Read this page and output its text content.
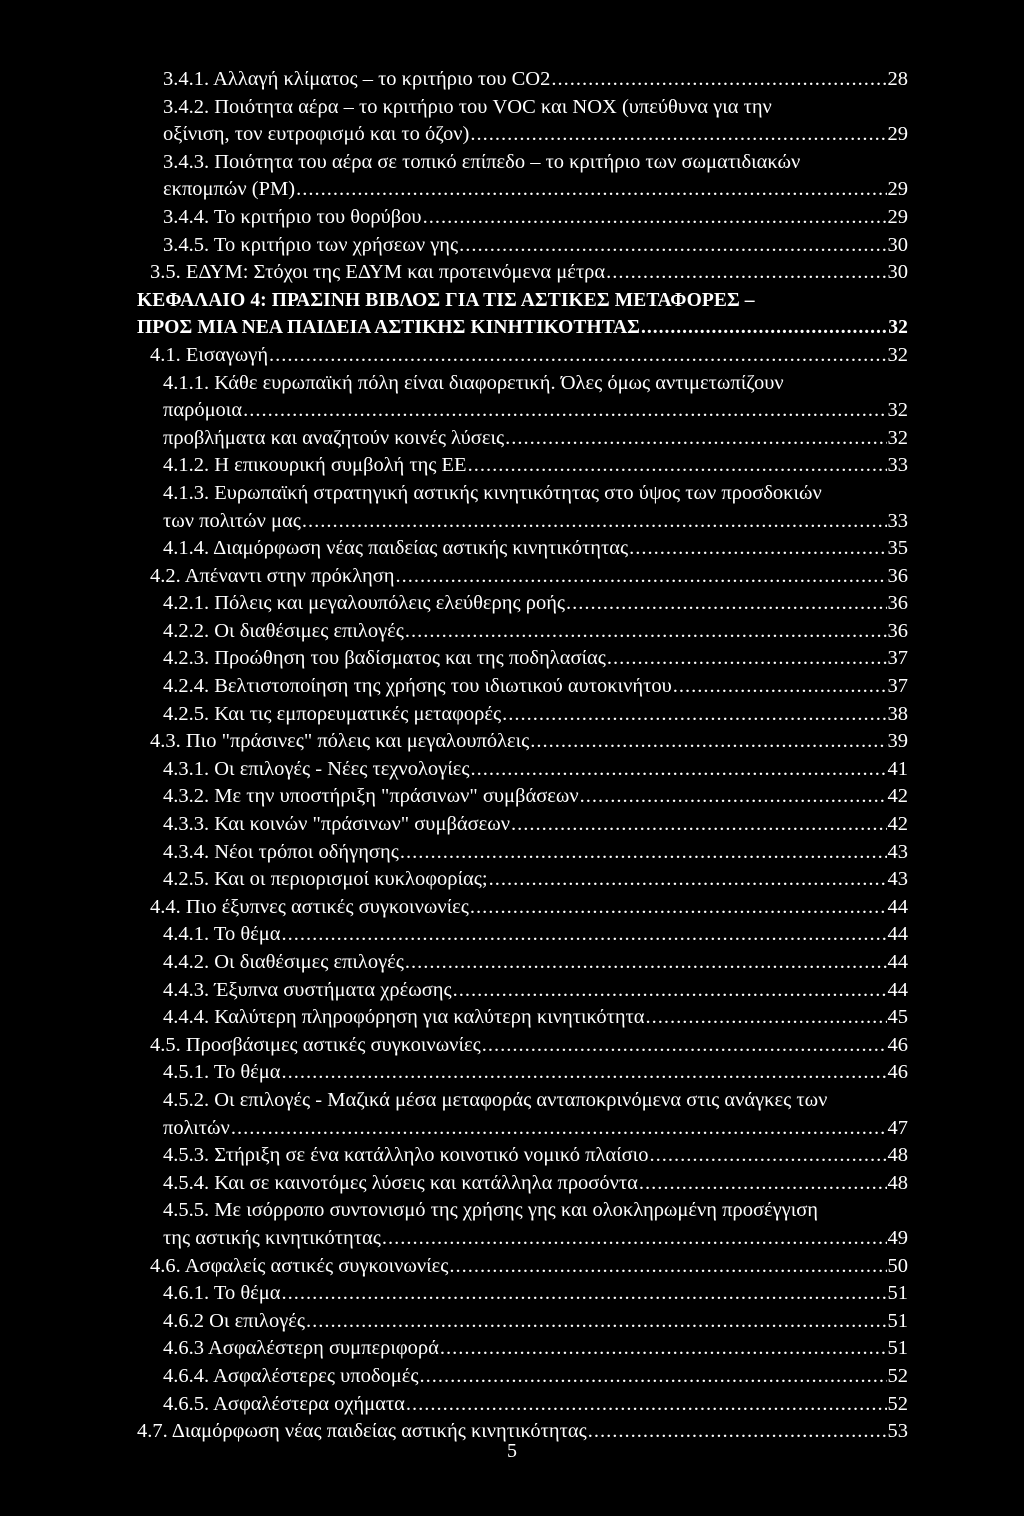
3.4.1. Αλλαγή κλίματος – το κριτήριο του CO2 .....	28
3.4.2. Ποιότητα αέρα – το κριτήριο του VOC και NOX (υπεύθυνα για την
οξίνιση, τον ευτροφισμό και το όζον) .....	29
3.4.3. Ποιότητα του αέρα σε τοπικό επίπεδο – το κριτήριο των σωματιδιακών
εκπομπών (PM) .....	29
3.4.4. Το κριτήριο του θορύβου .....	29
3.4.5. Το κριτήριο των χρήσεων γης .....	30
3.5. ΕΔΥΜ: Στόχοι της ΕΔΥΜ και προτεινόμενα μέτρα .....	30
ΚΕΦΑΛΑΙΟ 4: ΠΡΑΣΙΝΗ ΒΙΒΛΟΣ ΓΙΑ ΤΙΣ ΑΣΤΙΚΕΣ ΜΕΤΑΦΟΡΕΣ –
ΠΡΟΣ ΜΙΑ ΝΕΑ ΠΑΙΔΕΙΑ ΑΣΤΙΚΗΣ ΚΙΝΗΤΙΚΟΤΗΤΑΣ .....	32
4.1. Εισαγωγή .....	32
4.1.1. Κάθε ευρωπαϊκή πόλη είναι διαφορετική. Όλες όμως αντιμετωπίζουν
παρόμοια .....	32
προβλήματα και αναζητούν κοινές λύσεις .....	32
4.1.2. Η επικουρική συμβολή της ΕΕ .....	33
4.1.3. Ευρωπαϊκή στρατηγική αστικής κινητικότητας στο ύψος των προσδοκιών
των πολιτών μας .....	33
4.1.4. Διαμόρφωση νέας παιδείας αστικής κινητικότητας .....	35
4.2. Απέναντι στην πρόκληση .....	36
4.2.1. Πόλεις και μεγαλουπόλεις ελεύθερης ροής .....	36
4.2.2. Οι διαθέσιμες επιλογές .....	36
4.2.3. Προώθηση του βαδίσματος και της ποδηλασίας .....	37
4.2.4. Βελτιστοποίηση της χρήσης του ιδιωτικού αυτοκινήτου .....	37
4.2.5. Και τις εμπορευματικές μεταφορές .....	38
4.3. Πιο "πράσινες" πόλεις και μεγαλουπόλεις .....	39
4.3.1. Οι επιλογές - Νέες τεχνολογίες .....	41
4.3.2. Με την υποστήριξη "πράσινων" συμβάσεων .....	42
4.3.3. Και κοινών "πράσινων" συμβάσεων .....	42
4.3.4. Νέοι τρόποι οδήγησης .....	43
4.2.5. Και οι περιορισμοί κυκλοφορίας; .....	43
4.4. Πιο έξυπνες αστικές συγκοινωνίες .....	44
4.4.1. Το θέμα .....	44
4.4.2. Οι διαθέσιμες επιλογές .....	44
4.4.3. Έξυπνα συστήματα χρέωσης .....	44
4.4.4. Καλύτερη πληροφόρηση για καλύτερη κινητικότητα .....	45
4.5. Προσβάσιμες αστικές συγκοινωνίες .....	46
4.5.1. Το θέμα .....	46
4.5.2. Οι επιλογές - Μαζικά μέσα μεταφοράς ανταποκρινόμενα στις ανάγκες των
πολιτών .....	47
4.5.3. Στήριξη σε ένα κατάλληλο κοινοτικό νομικό πλαίσιο .....	48
4.5.4. Και σε καινοτόμες λύσεις και κατάλληλα προσόντα .....	48
4.5.5. Με ισόρροπο συντονισμό της χρήσης γης και ολοκληρωμένη προσέγγιση
της αστικής κινητικότητας .....	49
4.6. Ασφαλείς αστικές συγκοινωνίες .....	50
4.6.1. Το θέμα .....	51
4.6.2 Οι επιλογές .....	51
4.6.3 Ασφαλέστερη συμπεριφορά .....	51
4.6.4. Ασφαλέστερες υποδομές .....	52
4.6.5. Ασφαλέστερα οχήματα .....	52
4.7. Διαμόρφωση νέας παιδείας αστικής κινητικότητας .....	53
5
